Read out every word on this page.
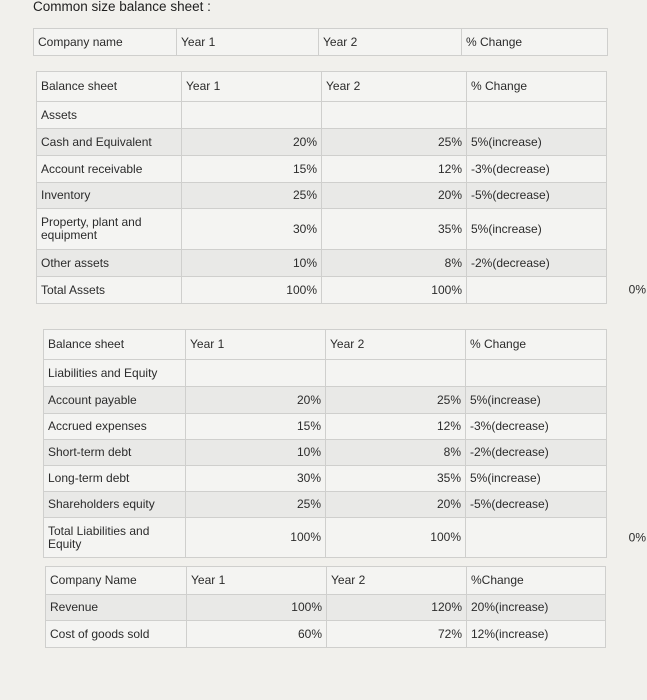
Common size balance sheet :
Company name	Year 1	Year 2	% Change
Balance sheet	Year 1	Year 2	% Change
Assets			
Cash and Equivalent	20%	25%	5%(increase)
Account receivable	15%	12%	-3%(decrease)
Inventory	25%	20%	-5%(decrease)
Property, plant and equipment	30%	35%	5%(increase)
Other assets	10%	8%	-2%(decrease)
Total Assets	100%	100%	0%
Balance sheet	Year 1	Year 2	% Change
Liabilities and Equity			
Account payable	20%	25%	5%(increase)
Accrued expenses	15%	12%	-3%(decrease)
Short-term debt	10%	8%	-2%(decrease)
Long-term debt	30%	35%	5%(increase)
Shareholders equity	25%	20%	-5%(decrease)
Total Liabilities and Equity	100%	100%	0%
Company Name	Year 1	Year 2	%Change
Revenue	100%	120%	20%(increase)
Cost of goods sold	60%	72%	12%(increase)
